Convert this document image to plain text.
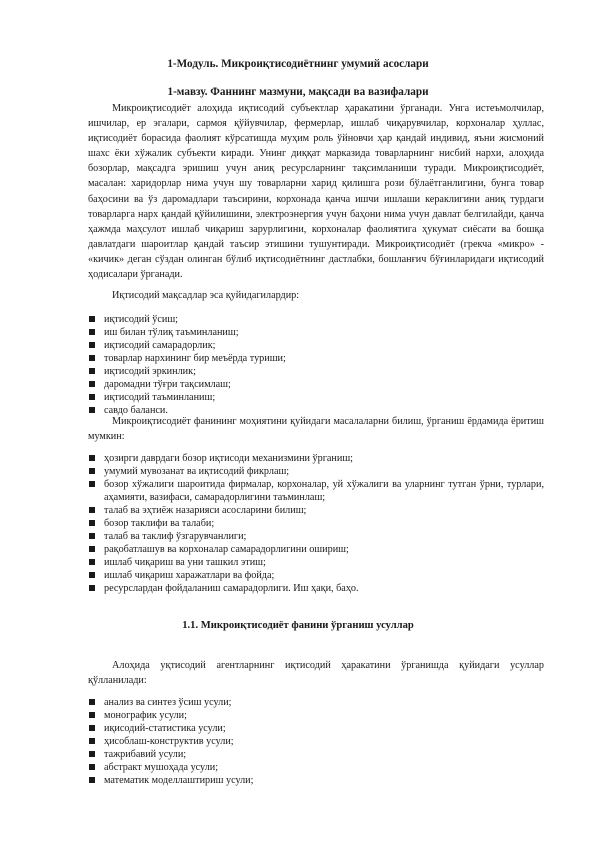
1-Модуль. Микроиқтисодиётнинг умумий асослари
1-мавзу. Фаннинг мазмуни, мақсади ва вазифалари

Микроиқтисодиёт алоҳида иқтисодий субъектлар ҳаракатини ўрганади. Унга истеъмолчилар, ишчилар, ер эгалари, сармоя қўйувчилар, фермерлар, ишлаб чиқарувчилар, корхоналар ҳуллас, иқтисодиёт борасида фаолият кўрсатишда муҳим роль ўйновчи ҳар қандай индивид, яъни жисмоний шахс ёки хўжалик субъекти киради. Унинг диққат марказида товарларнинг нисбий нархи, алоҳида бозорлар, мақсадга эришиш учун аниқ ресурсларнинг тақсимланиши туради. Микроиқтисодиёт, масалан: харидорлар нима учун шу товарларни харид қилишга рози бўлаётганлигини, бунга товар баҳосини ва ўз даромадлари таъсирини, корхонада қанча ишчи ишлаши кераклигини аниқ турдаги товарларга нарх қандай қўйилишини, электроэнергия учун баҳони нима учун давлат белгилайди, қанча ҳажмда маҳсулот ишлаб чиқариш зарурлигини, корхоналар фаолиятига ҳукумат сиёсати ва бошқа давлатдаги шароитлар қандай таъсир этишини тушунтиради. Микроиқтисодиёт (грекча «микро» - «кичик» деган сўздан олинган бўлиб иқтисодиётнинг дастлабки, бошланғич бўғинларидаги иқтисодий ҳодисалари ўрганади.

Иқтисодий мақсадлар эса қуйидагилардир:

иқтисодий ўсиш;
иш билан тўлиқ таъминланиш;
иқтисодий самарадорлик;
товарлар нархининг бир меъёрда туриши;
иқтисодий эркинлик;
даромадни тўғри тақсимлаш;
иқтисодий таъминланиш;
савдо баланси.

Микроиқтисодиёт фанининг моҳиятини қуйидаги масалаларни билиш, ўрганиш ёрдамида ёритиш мумкин:

ҳозирги даврдаги бозор иқтисоди механизмини ўрганиш;
умумий мувозанат ва иқтисодий фикрлаш;
бозор хўжалиги шароитида фирмалар, корхоналар, уй хўжалиги ва уларнинг тутган ўрни, турлари, аҳамияти, вазифаси, самарадорлигини таъминлаш;
талаб ва эҳтиёж назарияси асосларини билиш;
бозор таклифи ва талаби;
талаб ва таклиф ўзгарувчанлиги;
рақобатлашув ва корхоналар самарадорлигини ошириш;
ишлаб чиқариш ва уни ташкил этиш;
ишлаб чиқариш харажатлари ва фойда;
ресурслардан фойдаланиш самарадорлиги. Иш ҳақи, баҳо.
1.1. Микроиқтисодиёт фанини ўрганиш усуллар

Алоҳида уқтисодий агентларнинг иқтисодий ҳаракатини ўрганишда қуйидаги усуллар қўлланилади:

анализ ва синтез ўсиш усули;
монографик усули;
иқисодий-статистика усули;
ҳисоблаш-конструктив усули;
тажрибавий усули;
абстракт мушоҳада усули;
математик моделлаштириш усули;
